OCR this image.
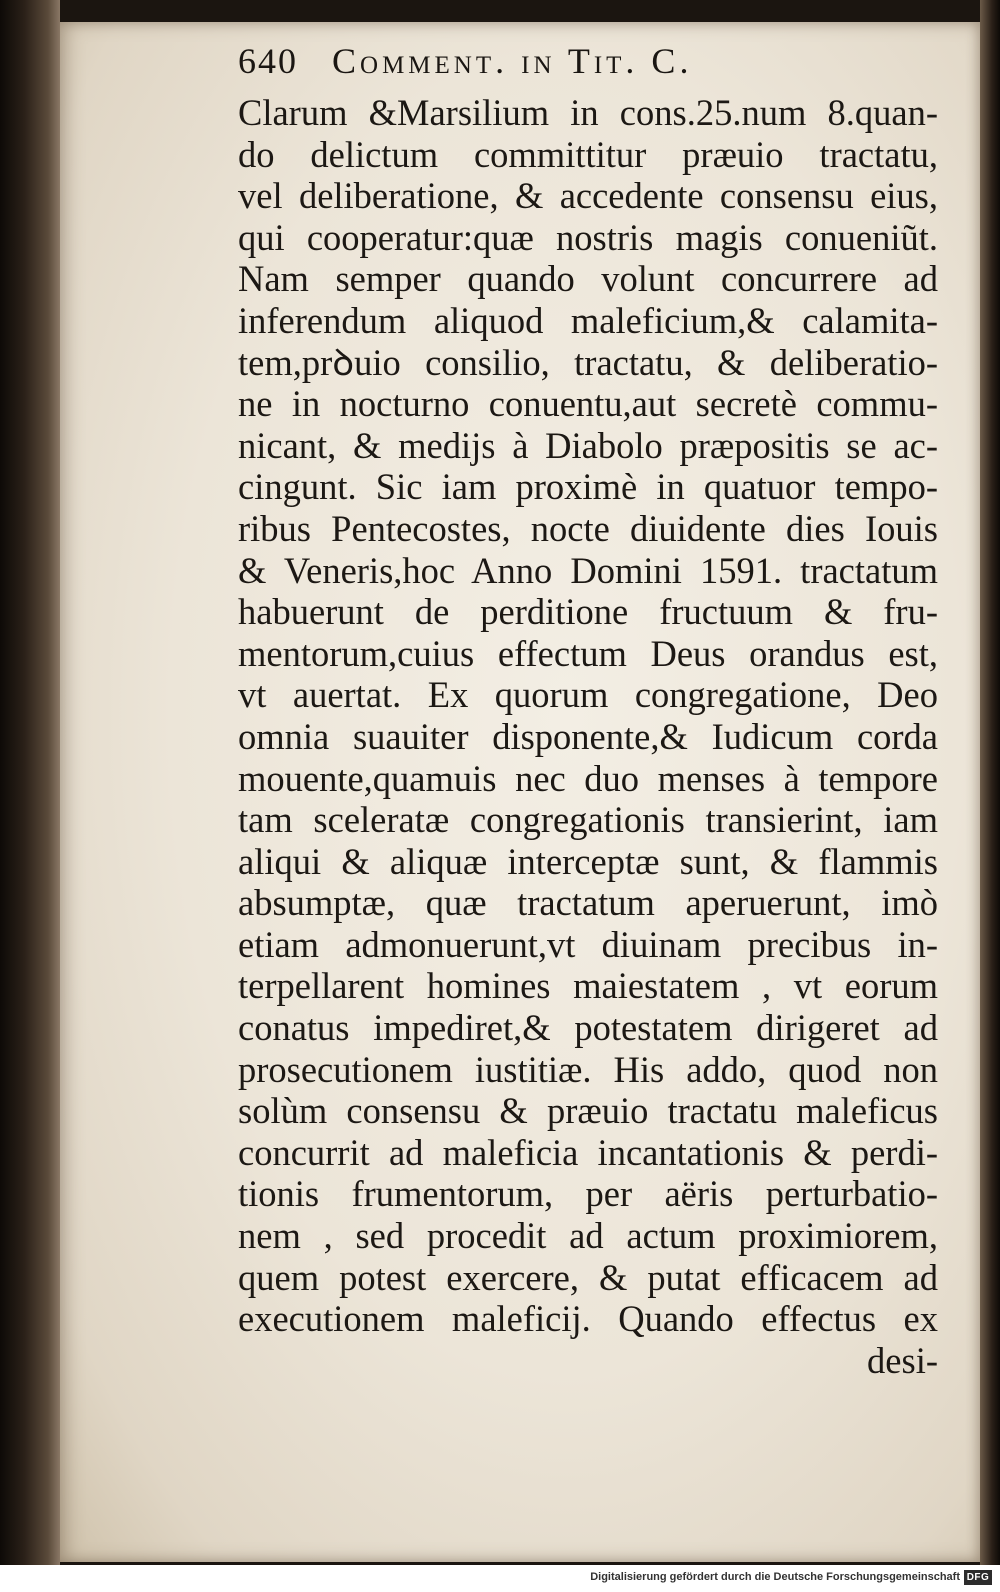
640 Comment. in Tit. C.
Clarum &Marsilium in cons.25.num 8.quan-
do delictum committitur præuio tractatu,
vel deliberatione, & accedente consensu eius,
qui cooperatur:quæ nostris magis conueniũt.
Nam semper quando volunt concurrere ad
inferendum aliquod maleficium,& calamita-
tem,prꝺuio consilio, tractatu, & deliberatio-
ne in nocturno conuentu,aut secretè commu-
nicant, & medijs à Diabolo præpositis se ac-
cingunt. Sic iam proximè in quatuor tempo-
ribus Pentecostes, nocte diuidente dies Iouis
& Veneris,hoc Anno Domini 1591. tractatum
habuerunt de perditione fructuum & fru-
mentorum,cuius effectum Deus orandus est,
vt auertat. Ex quorum congregatione, Deo
omnia suauiter disponente,& Iudicum corda
mouente,quamuis nec duo menses à tempore
tam sceleratæ congregationis transierint, iam
aliqui & aliquæ interceptæ sunt, & flammis
absumptæ, quæ tractatum aperuerunt, imò
etiam admonuerunt,vt diuinam precibus in-
terpellarent homines maiestatem , vt eorum
conatus impediret,& potestatem dirigeret ad
prosecutionem iustitiæ. His addo, quod non
solùm consensu & præuio tractatu maleficus
concurrit ad maleficia incantationis & perdi-
tionis frumentorum, per aëris perturbatio-
nem , sed procedit ad actum proximiorem,
quem potest exercere, & putat efficacem ad
executionem maleficij. Quando effectus ex
desi-
Digitalisierung gefördert durch die Deutsche Forschungsgemeinschaft DFG
